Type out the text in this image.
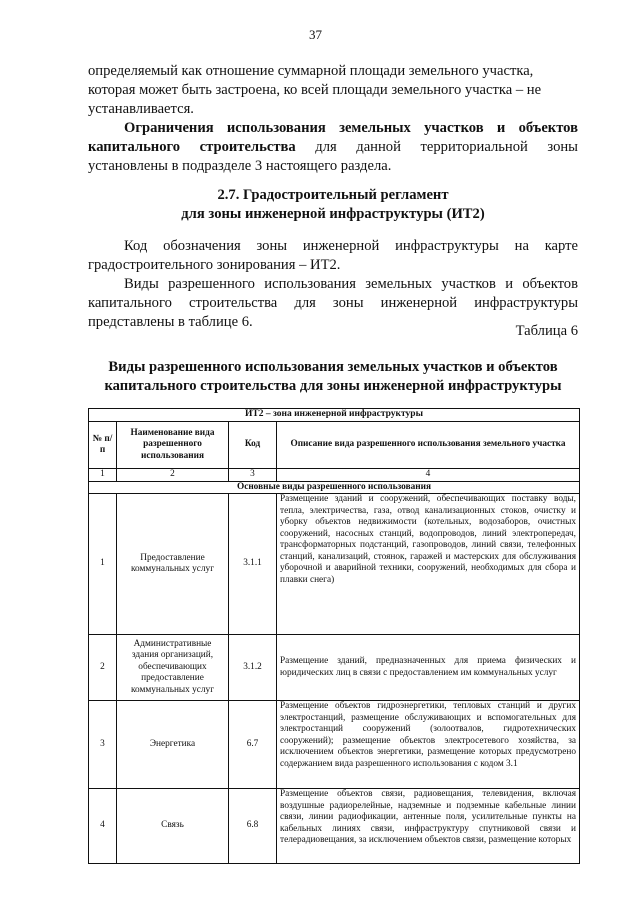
37

определяемый как отношение суммарной площади земельного участка,
которая может быть застроена, ко всей площади земельного участка – не
устанавливается.

Ограничения использования земельных участков и объектов капитального строительства для данной территориальной зоны установлены в подразделе 3 настоящего раздела.

2.7. Градостроительный регламент
для зоны инженерной инфраструктуры (ИТ2)

Код обозначения зоны инженерной инфраструктуры на карте градостроительного зонирования – ИТ2.

Виды разрешенного использования земельных участков и объектов капитального строительства для зоны инженерной инфраструктуры представлены в таблице 6.

Таблица 6

Виды разрешенного использования земельных участков и объектов
капитального строительства для зоны инженерной инфраструктуры

ИТ2 – зона инженерной инфраструктуры			
№ п/п	Наименование вида разрешенного использования	Код	Описание вида разрешенного использования земельного участка
1	2	3	4
Основные виды разрешенного использования			
1	Предоставление коммунальных услуг	3.1.1	Размещение зданий и сооружений, обеспечивающих поставку воды, тепла, электричества, газа, отвод канализационных стоков, очистку и уборку объектов недвижимости (котельных, водозаборов, очистных сооружений, насосных станций, водопроводов, линий электропередач, трансформаторных подстанций, газопроводов, линий связи, телефонных станций, канализаций, стоянок, гаражей и мастерских для обслуживания уборочной и аварийной техники, сооружений, необходимых для сбора и плавки снега)
2	Административные здания организаций, обеспечивающих предоставление коммунальных услуг	3.1.2	Размещение зданий, предназначенных для приема физических и юридических лиц в связи с предоставлением им коммунальных услуг
3	Энергетика	6.7	Размещение объектов гидроэнергетики, тепловых станций и других электростанций, размещение обслуживающих и вспомогательных для электростанций сооружений (золоотвалов, гидротехнических сооружений); размещение объектов электросетевого хозяйства, за исключением объектов энергетики, размещение которых предусмотрено содержанием вида разрешенного использования с кодом 3.1
4	Связь	6.8	Размещение объектов связи, радиовещания, телевидения, включая воздушные радиорелейные, надземные и подземные кабельные линии связи, линии радиофикации, антенные поля, усилительные пункты на кабельных линиях связи, инфраструктуру спутниковой связи и телерадиовещания, за исключением объектов связи, размещение которых
